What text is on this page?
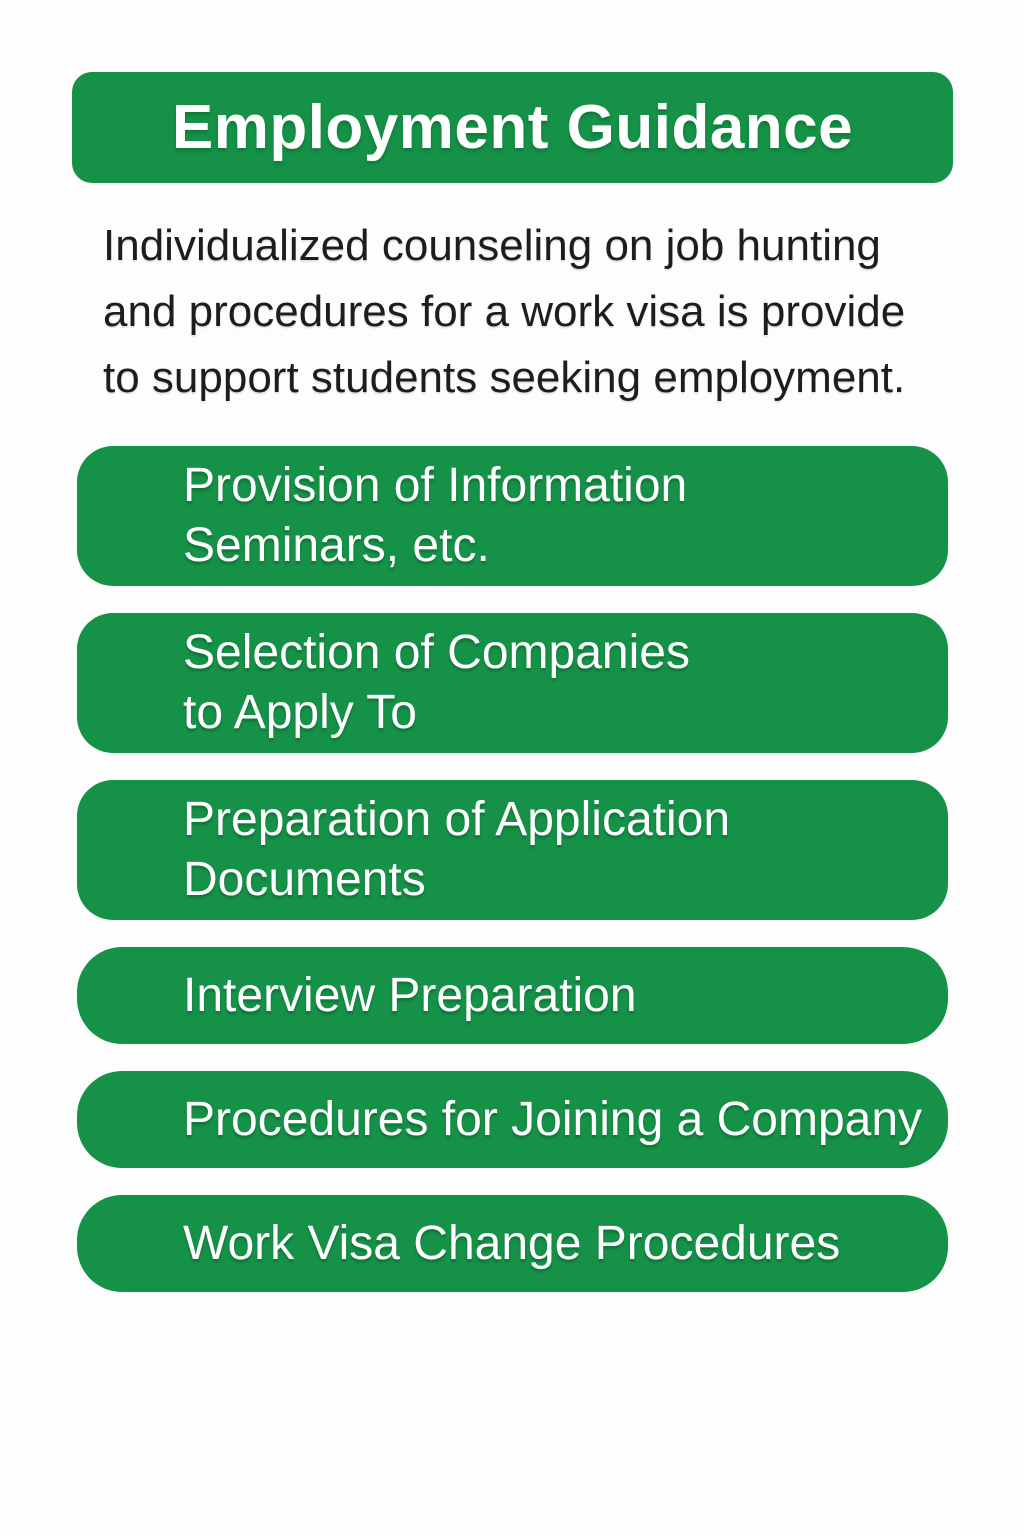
Employment Guidance
Individualized counseling on job hunting
and procedures for a work visa is provide
to support students seeking employment.
Provision of Information
Seminars, etc.
Selection of Companies
to Apply To
Preparation of Application
Documents
Interview Preparation
Procedures for Joining a Company
Work Visa Change Procedures
